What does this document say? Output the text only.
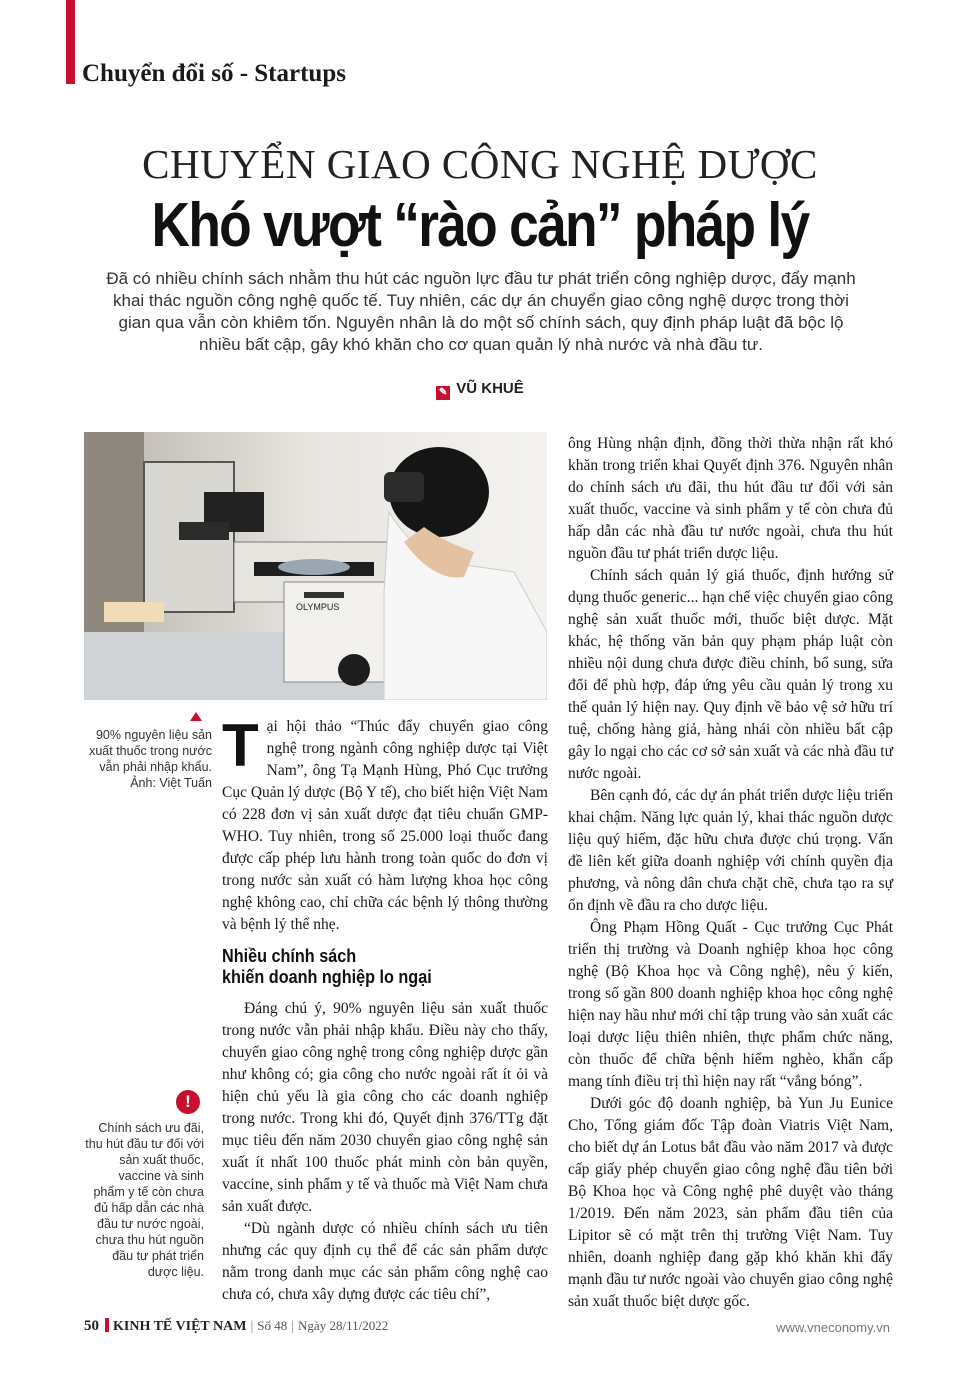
Chuyển đổi số - Startups
CHUYỂN GIAO CÔNG NGHỆ DƯỢC
Khó vượt “rào cản” pháp lý
Đã có nhiều chính sách nhằm thu hút các nguồn lực đầu tư phát triển công nghiệp dược, đẩy mạnh khai thác nguồn công nghệ quốc tế. Tuy nhiên, các dự án chuyển giao công nghệ dược trong thời gian qua vẫn còn khiêm tốn. Nguyên nhân là do một số chính sách, quy định pháp luật đã bộc lộ nhiều bất cập, gây khó khăn cho cơ quan quản lý nhà nước và nhà đầu tư.
✎ VŨ KHUÊ
OLYMPUS
90% nguyên liệu sản xuất thuốc trong nước vẫn phải nhập khẩu.
Ảnh: Việt Tuấn

Tại hội thảo “Thúc đẩy chuyển giao công nghệ trong ngành công nghiệp dược tại Việt Nam”, ông Tạ Mạnh Hùng, Phó Cục trưởng Cục Quản lý dược (Bộ Y tế), cho biết hiện Việt Nam có 228 đơn vị sản xuất dược đạt tiêu chuẩn GMP-WHO. Tuy nhiên, trong số 25.000 loại thuốc đang được cấp phép lưu hành trong toàn quốc do đơn vị trong nước sản xuất có hàm lượng khoa học công nghệ không cao, chỉ chữa các bệnh lý thông thường và bệnh lý thể nhẹ.

Nhiều chính sách
khiến doanh nghiệp lo ngại

Đáng chú ý, 90% nguyên liệu sản xuất thuốc trong nước vẫn phải nhập khẩu. Điều này cho thấy, chuyển giao công nghệ trong công nghiệp dược gần như không có; gia công cho nước ngoài rất ít ỏi và hiện chủ yếu là gia công cho các doanh nghiệp trong nước. Trong khi đó, Quyết định 376/TTg đặt mục tiêu đến năm 2030 chuyển giao công nghệ sản xuất ít nhất 100 thuốc phát minh còn bản quyền, vaccine, sinh phẩm y tế và thuốc mà Việt Nam chưa sản xuất được.

“Dù ngành dược có nhiều chính sách ưu tiên nhưng các quy định cụ thể để các sản phẩm dược nằm trong danh mục các sản phẩm công nghệ cao chưa có, chưa xây dựng được các tiêu chí”,

ông Hùng nhận định, đồng thời thừa nhận rất khó khăn trong triển khai Quyết định 376. Nguyên nhân do chính sách ưu đãi, thu hút đầu tư đối với sản xuất thuốc, vaccine và sinh phẩm y tế còn chưa đủ hấp dẫn các nhà đầu tư nước ngoài, chưa thu hút nguồn đầu tư phát triển dược liệu.

Chính sách quản lý giá thuốc, định hướng sử dụng thuốc generic... hạn chế việc chuyển giao công nghệ sản xuất thuốc mới, thuốc biệt dược. Mặt khác, hệ thống văn bản quy phạm pháp luật còn nhiều nội dung chưa được điều chỉnh, bổ sung, sửa đổi để phù hợp, đáp ứng yêu cầu quản lý trong xu thế quản lý hiện nay. Quy định về bảo vệ sở hữu trí tuệ, chống hàng giả, hàng nhái còn nhiều bất cập gây lo ngại cho các cơ sở sản xuất và các nhà đầu tư nước ngoài.

Bên cạnh đó, các dự án phát triển dược liệu triển khai chậm. Năng lực quản lý, khai thác nguồn dược liệu quý hiếm, đặc hữu chưa được chú trọng. Vấn đề liên kết giữa doanh nghiệp với chính quyền địa phương, và nông dân chưa chặt chẽ, chưa tạo ra sự ổn định về đầu ra cho dược liệu.

Ông Phạm Hồng Quất - Cục trưởng Cục Phát triển thị trường và Doanh nghiệp khoa học công nghệ (Bộ Khoa học và Công nghệ), nêu ý kiến, trong số gần 800 doanh nghiệp khoa học công nghệ hiện nay hầu như mới chỉ tập trung vào sản xuất các loại dược liệu thiên nhiên, thực phẩm chức năng, còn thuốc để chữa bệnh hiểm nghèo, khẩn cấp mang tính điều trị thì hiện nay rất “vắng bóng”.

Dưới góc độ doanh nghiệp, bà Yun Ju Eunice Cho, Tổng giám đốc Tập đoàn Viatris Việt Nam, cho biết dự án Lotus bắt đầu vào năm 2017 và được cấp giấy phép chuyển giao công nghệ đầu tiên bởi Bộ Khoa học và Công nghệ phê duyệt vào tháng 1/2019. Đến năm 2023, sản phẩm đầu tiên của Lipitor sẽ có mặt trên thị trường Việt Nam. Tuy nhiên, doanh nghiệp đang gặp khó khăn khi đẩy mạnh đầu tư nước ngoài vào chuyển giao công nghệ sản xuất thuốc biệt dược gốc.

!
Chính sách ưu đãi, thu hút đầu tư đối với sản xuất thuốc, vaccine và sinh phẩm y tế còn chưa đủ hấp dẫn các nhà đầu tư nước ngoài, chưa thu hút nguồn đầu tư phát triển dược liệu.
50 KINH TẾ VIỆT NAM | Số 48 | Ngày 28/11/2022	www.vneconomy.vn
